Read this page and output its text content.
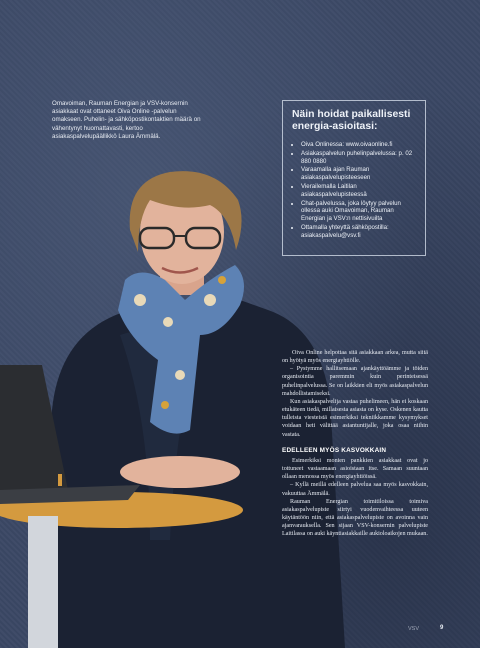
Omavoiman, Rauman Energian ja VSV-konsernin asiakkaat ovat ottaneet Oiva Online -palvelun omakseen. Puhelin- ja sähköpostikontaktien määrä on vähentynyt huomattavasti, kertoo asiakaspalvelupäällikkö Laura Ämmälä.
Näin hoidat paikallisesti energia-asioitasi:
• Oiva Onlinessa: www.oivaonline.fi
• Asiakaspalvelun puhelinpalvelussa: p. 02 880 0880
• Varaamalla ajan Rauman asiakaspalvelupisteeseen
• Vierailemalla Laitilan asiakaspalvelupisteessä
• Chat-palvelussa, joka löytyy palvelun ollessa auki Omavoiman, Rauman Energian ja VSV:n nettisivuilta
• Ottamalla yhteyttä sähköpostilla: asiakaspalvelu@vsv.fi

Oiva Online helpottaa sitä asiakkaan arkea, mutta siitä on hyötyä myös energiayhtiölle.

– Pystymme hallitsemaan ajankäyttöämme ja töiden organisointia paremmin kuin perinteisessä puhelinpalvelussa. Se on laikkien eli myös asiakaspalvelun mahdollistamiseksi.

Kun asiakaspalvelija vastaa puhelimeen, hän ei koskaan etukäteen tiedä, millaisesta asiasta on kyse. Oskenen kautta tulleista viesteistä esimerkiksi tekniikkamme kysymykset voidaan heti välittää asiantuntijalle, joka osaa niihin vastata.

EDELLEEN MYÖS KASVOKKAIN

Esimerkiksi monien pankkien asiakkaat ovat jo tottuneet vastaamaan asioistaan itse. Samaan suuntaan ollaan menossa myös energiayhtiöissä.

– Kyllä meillä edelleen palvelua saa myös kasvokkain, vakuuttaa Ämmälä.

Rauman Energian toimitiloissa toimiva asiakaspalvelupiste siirtyi vuodenvaihteessa uuteen käytäntöön niin, että asiakaspalvelupiste on avoinna vain ajanvarauksella. Sen sijaan VSV-konsernin palvelupiste Laitilassa on auki käyntiasiakkaille aukioloaikojen mukaan.

VSV	9
